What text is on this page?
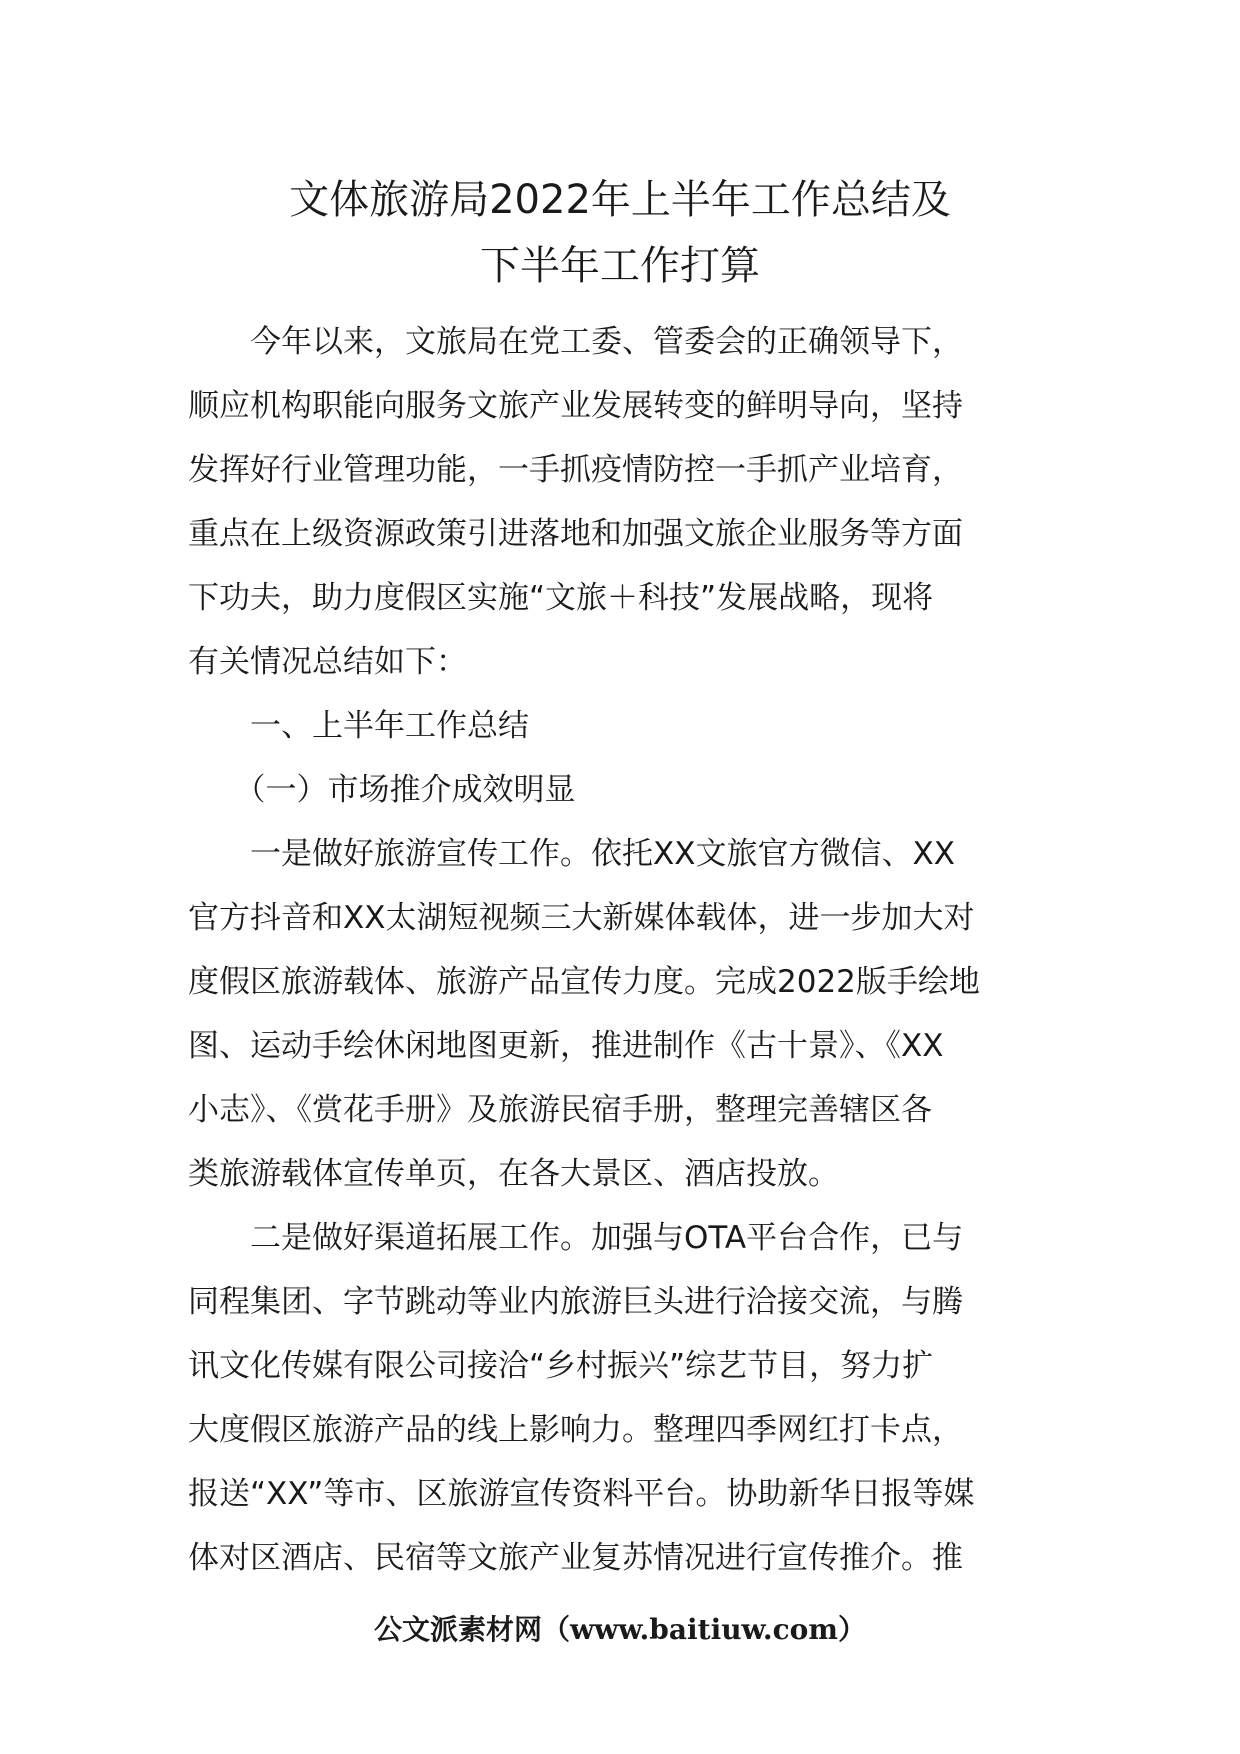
文体旅游局2022年上半年工作总结及
下半年工作打算

　　今年以来，文旅局在党工委、管委会的正确领导下，

顺应机构职能向服务文旅产业发展转变的鲜明导向，坚持

发挥好行业管理功能，一手抓疫情防控一手抓产业培育，

重点在上级资源政策引进落地和加强文旅企业服务等方面

下功夫，助力度假区实施“文旅＋科技”发展战略，现将

有关情况总结如下：

　　一、上半年工作总结

　　（一）市场推介成效明显

　　一是做好旅游宣传工作。依托XX文旅官方微信、XX

官方抖音和XX太湖短视频三大新媒体载体，进一步加大对

度假区旅游载体、旅游产品宣传力度。完成2022版手绘地

图、运动手绘休闲地图更新，推进制作《古十景》、《XX

小志》、《赏花手册》及旅游民宿手册，整理完善辖区各

类旅游载体宣传单页，在各大景区、酒店投放。

　　二是做好渠道拓展工作。加强与OTA平台合作，已与

同程集团、字节跳动等业内旅游巨头进行洽接交流，与腾

讯文化传媒有限公司接洽“乡村振兴”综艺节目，努力扩

大度假区旅游产品的线上影响力。整理四季网红打卡点，

报送“XX”等市、区旅游宣传资料平台。协助新华日报等媒

体对区酒店、民宿等文旅产业复苏情况进行宣传推介。推

公文派素材网（www.baitiuw.com）
